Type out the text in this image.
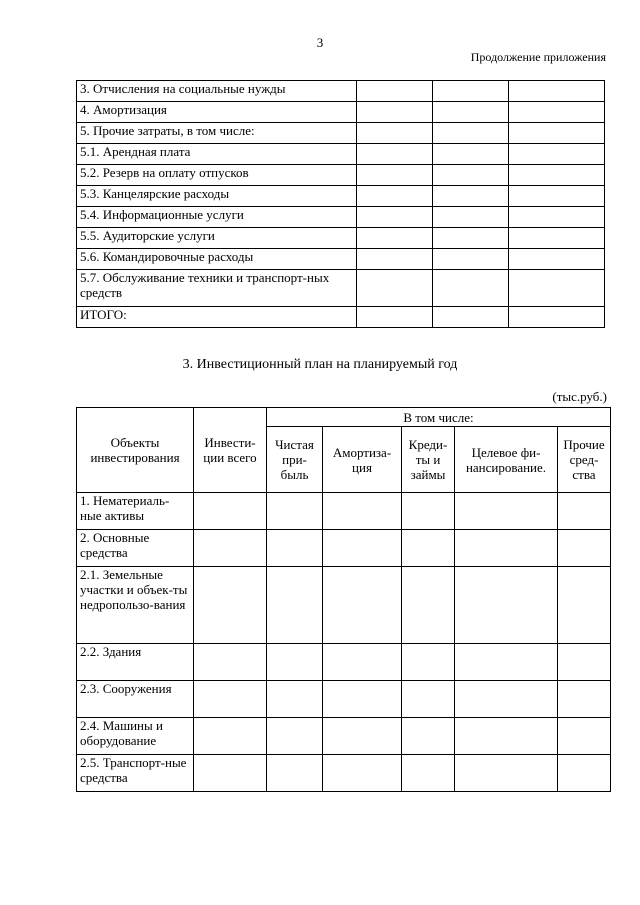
3
Продолжение приложения
3. Отчисления на социальные нужды			
4. Амортизация			
5. Прочие затраты, в том числе:			
5.1. Арендная плата			
5.2. Резерв на оплату отпусков			
5.3. Канцелярские расходы			
5.4. Информационные услуги			
5.5. Аудиторские услуги			
5.6. Командировочные расходы			
5.7. Обслуживание техники и транспорт-ных средств			
ИТОГО:			
3. Инвестиционный план на планируемый год
(тыс.руб.)
Объекты инвестирования	Инвести-ции всего	В том числе:				
		Чистая при-быль	Амортиза-ция	Креди-ты и займы	Целевое фи-нансирование.	Прочие сред-ства
1. Нематериаль-ные активы						
2. Основные средства						
2.1. Земельные участки и объек-ты недропользо-вания						
2.2. Здания						
2.3. Сооружения						
2.4. Машины и оборудование						
2.5. Транспорт-ные средства						
